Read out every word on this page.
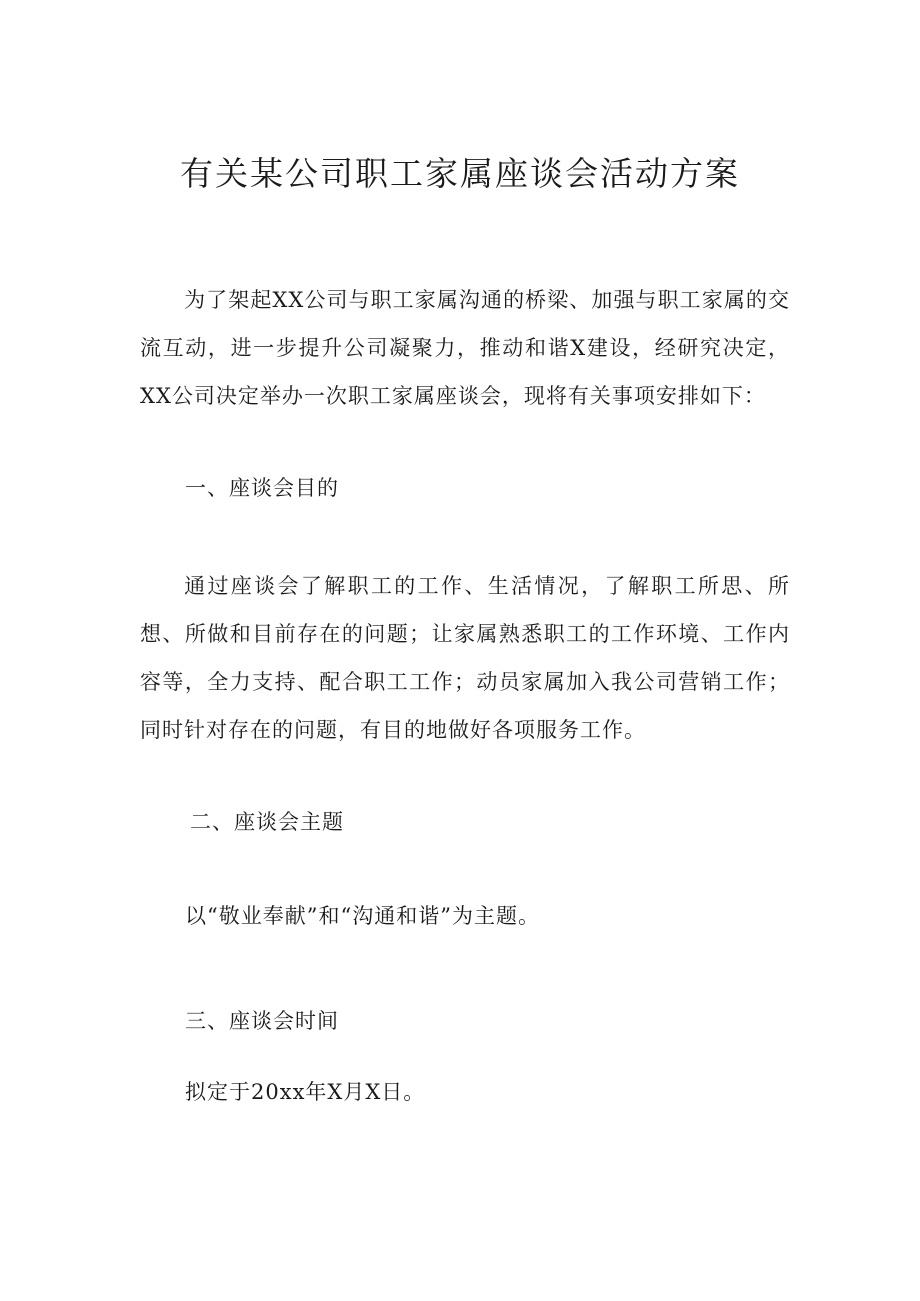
有关某公司职工家属座谈会活动方案

为了架起XX公司与职工家属沟通的桥梁、加强与职工家属的交流互动，进一步提升公司凝聚力，推动和谐X建设，经研究决定，XX公司决定举办一次职工家属座谈会，现将有关事项安排如下：

一、座谈会目的

通过座谈会了解职工的工作、生活情况，了解职工所思、所想、所做和目前存在的问题；让家属熟悉职工的工作环境、工作内容等，全力支持、配合职工工作；动员家属加入我公司营销工作；同时针对存在的问题，有目的地做好各项服务工作。

二、座谈会主题

以“敬业奉献”和“沟通和谐”为主题。

三、座谈会时间

拟定于20xx年X月X日。
